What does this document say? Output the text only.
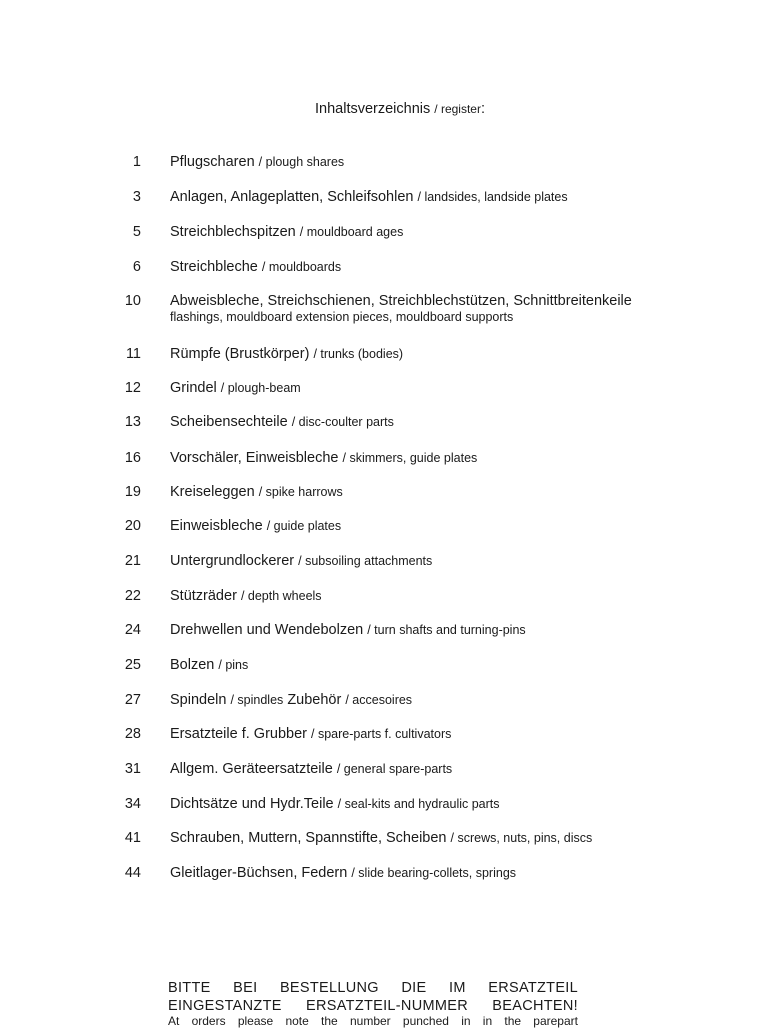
Inhaltsverzeichnis / register:
1 Pflugscharen / plough shares
3 Anlagen, Anlageplatten, Schleifsohlen / landsides, landside plates
5 Streichblechspitzen / mouldboard ages
6 Streichbleche / mouldboards
10 Abweisbleche, Streichschienen, Streichblechstützen, Schnittbreitenkeile
flashings, mouldboard extension pieces, mouldboard supports
11 Rümpfe (Brustkörper) / trunks (bodies)
12 Grindel / plough-beam
13 Scheibensechteile / disc-coulter parts
16 Vorschäler, Einweisbleche / skimmers, guide plates
19 Kreiseleggen / spike harrows
20 Einweisbleche / guide plates
21 Untergrundlockerer / subsoiling attachments
22 Stützräder / depth wheels
24 Drehwellen und Wendebolzen / turn shafts and turning-pins
25 Bolzen / pins
27 Spindeln / spindles Zubehör / accesoires
28 Ersatzteile f. Grubber / spare-parts f. cultivators
31 Allgem. Geräteersatzteile / general spare-parts
34 Dichtsätze und Hydr.Teile / seal-kits and hydraulic parts
41 Schrauben, Muttern, Spannstifte, Scheiben / screws, nuts, pins, discs
44 Gleitlager-Büchsen, Federn / slide bearing-collets, springs
BITTE BEI BESTELLUNG DIE IM ERSATZTEIL
EINGESTANZTE ERSATZTEIL-NUMMER BEACHTEN!
At orders please note the number punched in in the parepart
